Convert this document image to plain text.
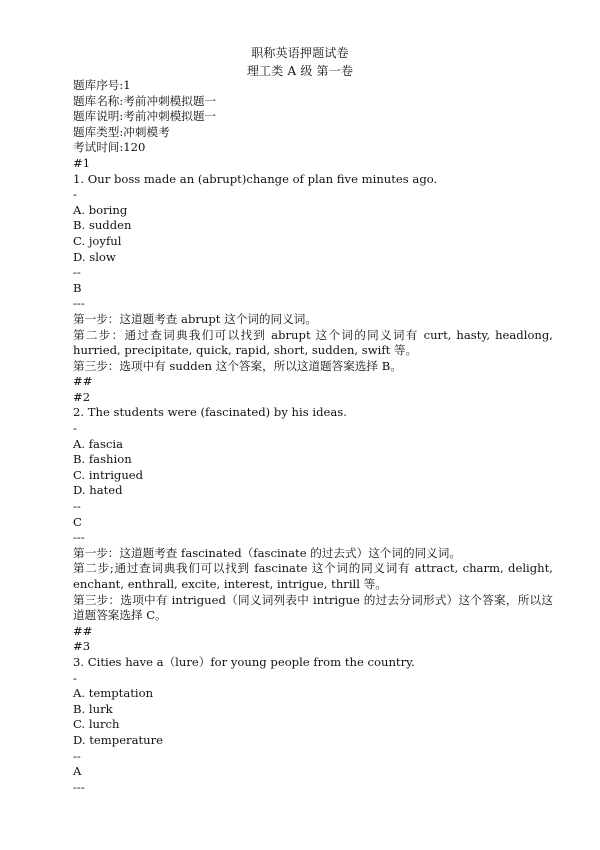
职称英语押题试卷
理工类 A 级 第一卷
题库序号:1
题库名称:考前冲刺模拟题一
题库说明:考前冲刺模拟题一
题库类型:冲刺模考
考试时间:120
#1
1. Our boss made an (abrupt)change of plan five minutes ago.
-
A. boring
B. sudden
C. joyful
D. slow
--
B
---
第一步：这道题考查 abrupt 这个词的同义词。
第二步：通过查词典我们可以找到 abrupt 这个词的同义词有 curt, hasty, headlong, hurried, precipitate, quick, rapid, short, sudden, swift 等。
第三步：选项中有 sudden 这个答案，所以这道题答案选择 B。
##
#2
2. The students were (fascinated) by his ideas.
-
A. fascia
B. fashion
C. intrigued
D. hated
--
C
---
第一步：这道题考查 fascinated（fascinate 的过去式）这个词的同义词。
第二步;通过查词典我们可以找到 fascinate 这个词的同义词有 attract, charm, delight, enchant, enthrall, excite, interest, intrigue, thrill 等。
第三步：选项中有 intrigued（同义词列表中 intrigue 的过去分词形式）这个答案，所以这道题答案选择 C。
##
#3
3. Cities have a（lure）for young people from the country.
-
A. temptation
B. lurk
C. lurch
D. temperature
--
A
---
